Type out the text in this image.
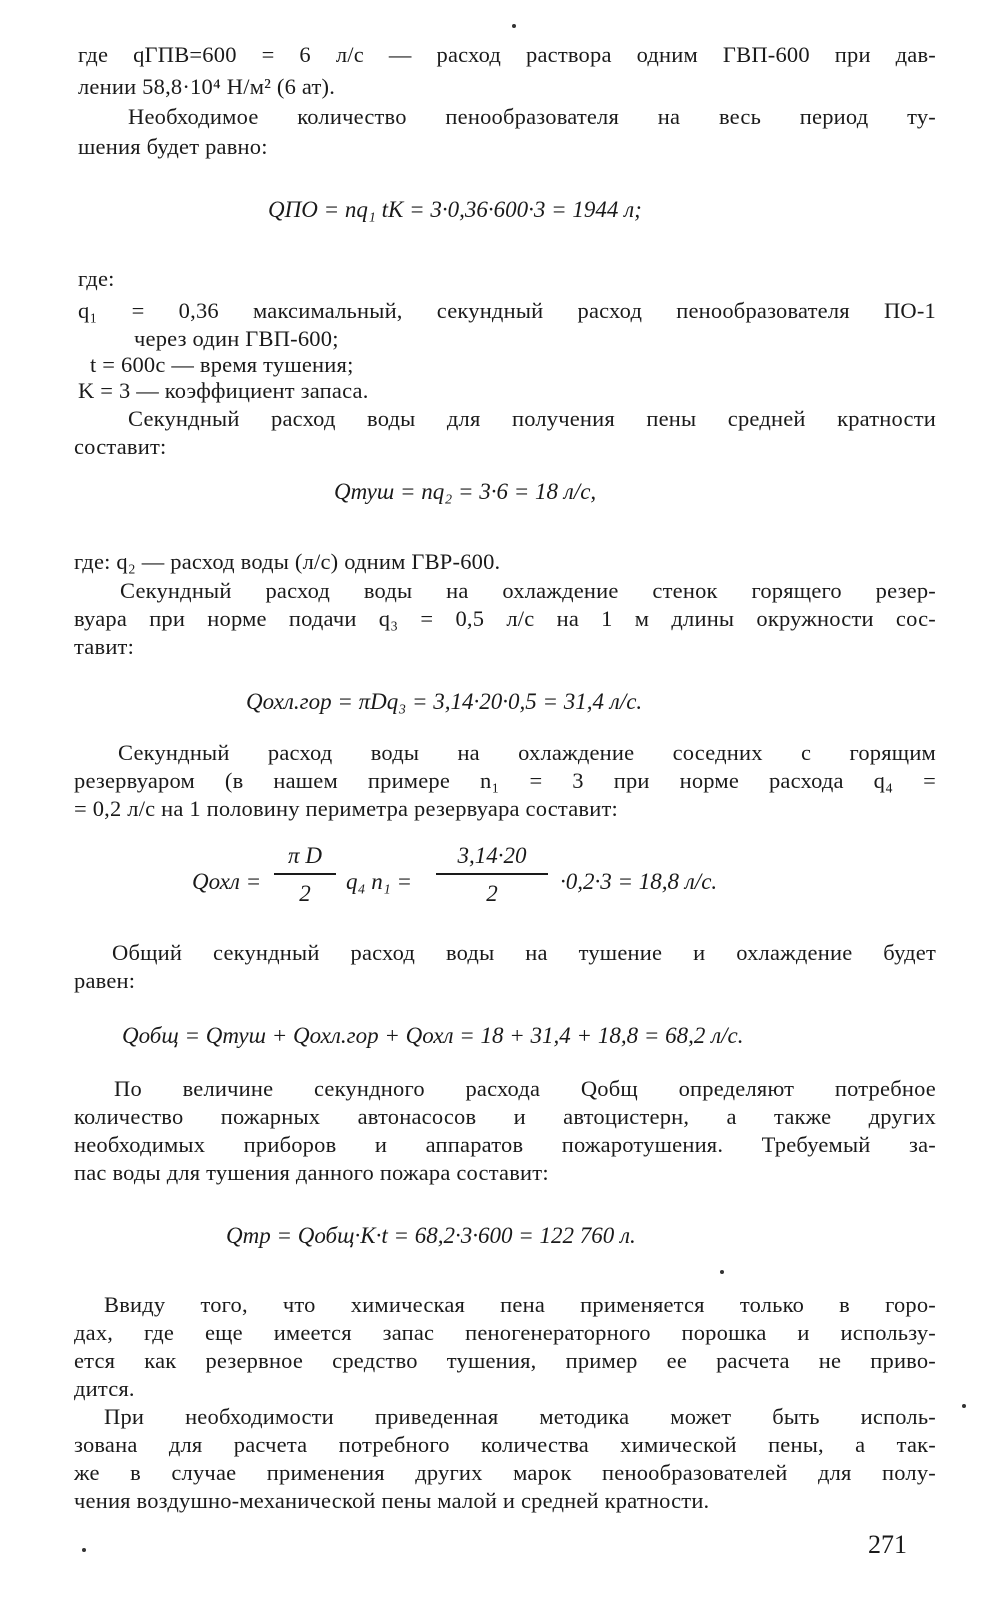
где qГПВ=600 = 6 л/с — расход раствора одним ГВП-600 при дав-
лении 58,8·10⁴ Н/м² (6 ат).
Необходимое количество пенообразователя на весь период ту-
шения будет равно:
где:
q₁ = 0,36 максимальный, секундный расход пенообразователя ПО-1
через один ГВП-600;
t = 600c — время тушения;
K = 3 — коэффициент запаса.
Секундный расход воды для получения пены средней кратности
составит:
где: q₂ — расход воды (л/с) одним ГВР-600.
Секундный расход воды на охлаждение стенок горящего резер-
вуара при норме подачи q₃ = 0,5 л/с на 1 м длины окружности сос-
тавит:
Секундный расход воды на охлаждение соседних с горящим
резервуаром (в нашем примере n₁ = 3 при норме расхода q₄ =
= 0,2 л/с на 1 половину периметра резервуара составит:
Общий секундный расход воды на тушение и охлаждение будет
равен:
По величине секундного расхода Qобщ определяют потребное
количество пожарных автонасосов и автоцистерн, а также других
необходимых приборов и аппаратов пожаротушения. Требуемый за-
пас воды для тушения данного пожара составит:
Ввиду того, что химическая пена применяется только в горо-
дах, где еще имеется запас пеногенераторного порошка и использу-
ется как резервное средство тушения, пример ее расчета не приво-
дится.
При необходимости приведенная методика может быть исполь-
зована для расчета потребного количества химической пены, а так-
же в случае применения других марок пенообразователей для полу-
чения воздушно-механической пены малой и средней кратности.
QПО = nq₁ tK = 3·0,36·600·3 = 1944 л;
Qтуш = nq₂ = 3·6 = 18 л/с,
Qохл.гор = πDq₃ = 3,14·20·0,5 = 31,4 л/с.
Qобщ = Qтуш + Qохл.гор + Qохл = 18 + 31,4 + 18,8 = 68,2 л/с.
Qтр = Qобщ·K·t = 68,2·3·600 = 122 760 л.
Qохл =
π D
2	q₄ n₁ =
3,14·20
2	·0,2·3 = 18,8 л/с.
271
